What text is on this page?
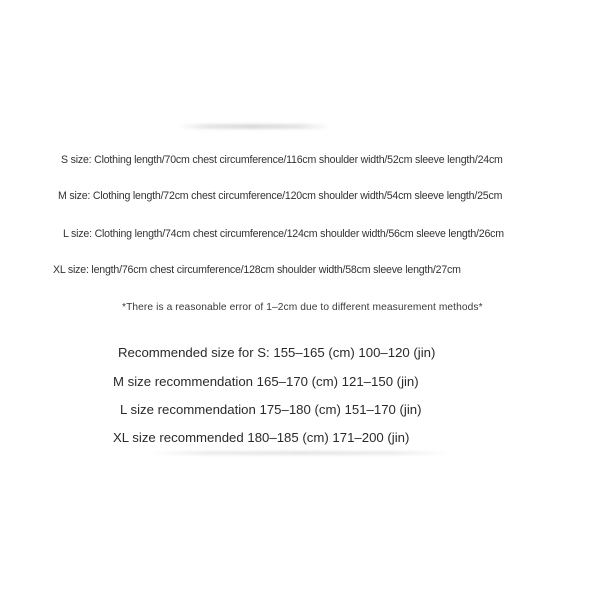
S size: Clothing length/70cm chest circumference/116cm shoulder width/52cm sleeve length/24cm

M size: Clothing length/72cm chest circumference/120cm shoulder width/54cm sleeve length/25cm

L size: Clothing length/74cm chest circumference/124cm shoulder width/56cm sleeve length/26cm

XL size: length/76cm chest circumference/128cm shoulder width/58cm sleeve length/27cm

*There is a reasonable error of 1–2cm due to different measurement methods*

Recommended size for S: 155–165 (cm) 100–120 (jin)

M size recommendation 165–170 (cm) 121–150 (jin)

L size recommendation 175–180 (cm) 151–170 (jin)

XL size recommended 180–185 (cm) 171–200 (jin)
